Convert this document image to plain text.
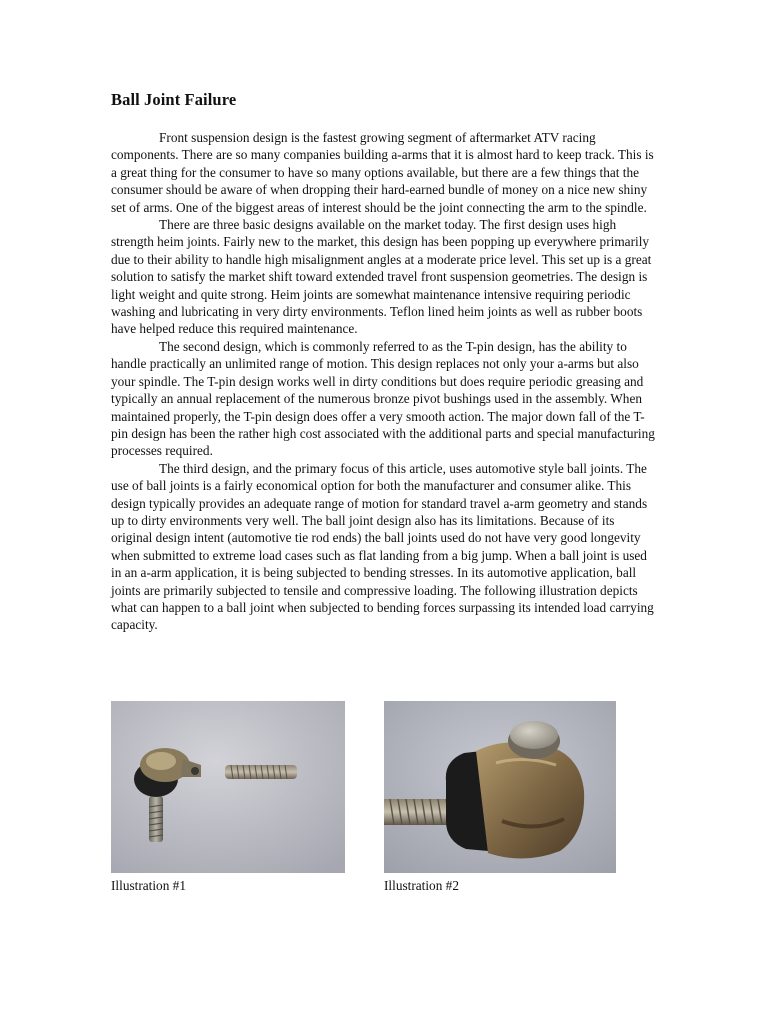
Ball Joint Failure

Front suspension design is the fastest growing segment of aftermarket ATV racing components. There are so many companies building a-arms that it is almost hard to keep track. This is a great thing for the consumer to have so many options available, but there are a few things that the consumer should be aware of when dropping their hard-earned bundle of money on a nice new shiny set of arms. One of the biggest areas of interest should be the joint connecting the arm to the spindle.

There are three basic designs available on the market today. The first design uses high strength heim joints. Fairly new to the market, this design has been popping up everywhere primarily due to their ability to handle high misalignment angles at a moderate price level. This set up is a great solution to satisfy the market shift toward extended travel front suspension geometries. The design is light weight and quite strong. Heim joints are somewhat maintenance intensive requiring periodic washing and lubricating in very dirty environments. Teflon lined heim joints as well as rubber boots have helped reduce this required maintenance.

The second design, which is commonly referred to as the T-pin design, has the ability to handle practically an unlimited range of motion. This design replaces not only your a-arms but also your spindle. The T-pin design works well in dirty conditions but does require periodic greasing and typically an annual replacement of the numerous bronze pivot bushings used in the assembly. When maintained properly, the T-pin design does offer a very smooth action. The major down fall of the T-pin design has been the rather high cost associated with the additional parts and special manufacturing processes required.

The third design, and the primary focus of this article, uses automotive style ball joints. The use of ball joints is a fairly economical option for both the manufacturer and consumer alike. This design typically provides an adequate range of motion for standard travel a-arm geometry and stands up to dirty environments very well. The ball joint design also has its limitations. Because of its original design intent (automotive tie rod ends) the ball joints used do not have very good longevity when submitted to extreme load cases such as flat landing from a big jump. When a ball joint is used in an a-arm application, it is being subjected to bending stresses. In its automotive application, ball joints are primarily subjected to tensile and compressive loading. The following illustration depicts what can happen to a ball joint when subjected to bending forces surpassing its intended load carrying capacity.

Illustration #1	Illustration #2
